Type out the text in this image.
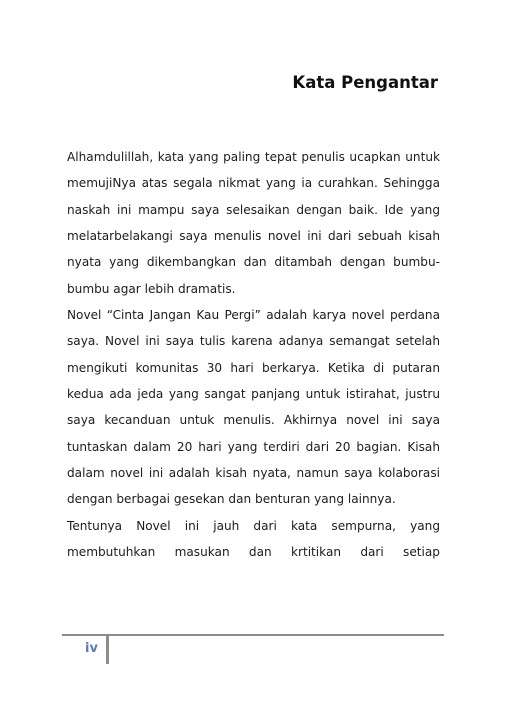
Kata Pengantar

Alhamdulillah, kata yang paling tepat penulis ucapkan untuk memujiNya atas segala nikmat yang ia curahkan. Sehingga naskah ini mampu saya selesaikan dengan baik. Ide yang melatarbelakangi saya menulis novel ini dari sebuah kisah nyata yang dikembangkan dan ditambah dengan bumbu-bumbu agar lebih dramatis.

Novel “Cinta Jangan Kau Pergi” adalah karya novel perdana saya. Novel ini saya tulis karena adanya semangat setelah mengikuti komunitas 30 hari berkarya. Ketika di putaran kedua ada jeda yang sangat panjang untuk istirahat, justru saya kecanduan untuk menulis. Akhirnya novel ini saya tuntaskan dalam 20 hari yang terdiri dari 20 bagian. Kisah dalam novel ini adalah kisah nyata, namun saya kolaborasi dengan berbagai gesekan dan benturan yang lainnya.

Tentunya Novel ini jauh dari kata sempurna, yang membutuhkan masukan dan krtitikan dari setiap

iv
